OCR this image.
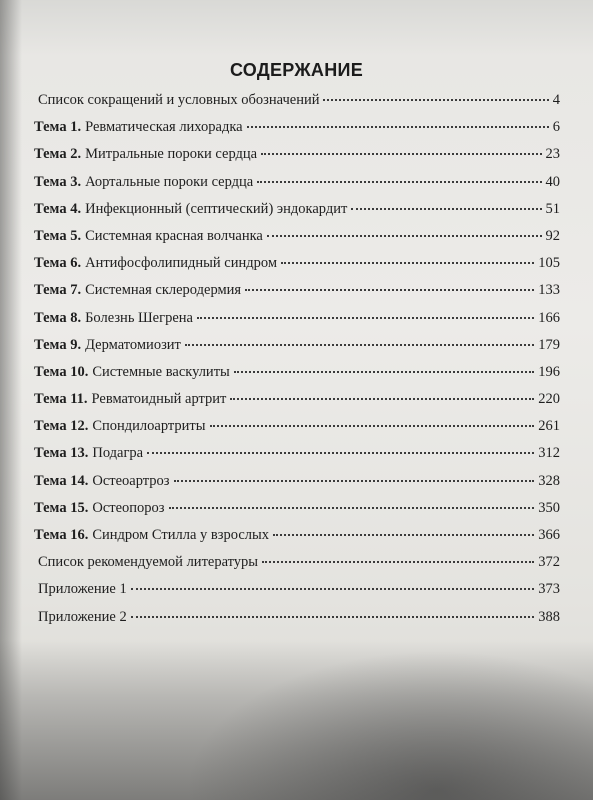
СОДЕРЖАНИЕ
Список сокращений и условных обозначений	4
Тема 1. Ревматическая лихорадка	6
Тема 2. Митральные пороки сердца	23
Тема 3. Аортальные пороки сердца	40
Тема 4. Инфекционный (септический) эндокардит	51
Тема 5. Системная красная волчанка	92
Тема 6. Антифосфолипидный синдром	105
Тема 7. Системная склеродермия	133
Тема 8. Болезнь Шегрена	166
Тема 9. Дерматомиозит	179
Тема 10. Системные васкулиты	196
Тема 11. Ревматоидный артрит	220
Тема 12. Спондилоартриты	261
Тема 13. Подагра	312
Тема 14. Остеоартроз	328
Тема 15. Остеопороз	350
Тема 16. Синдром Стилла у взрослых	366
Список рекомендуемой литературы	372
Приложение 1	373
Приложение 2	388
